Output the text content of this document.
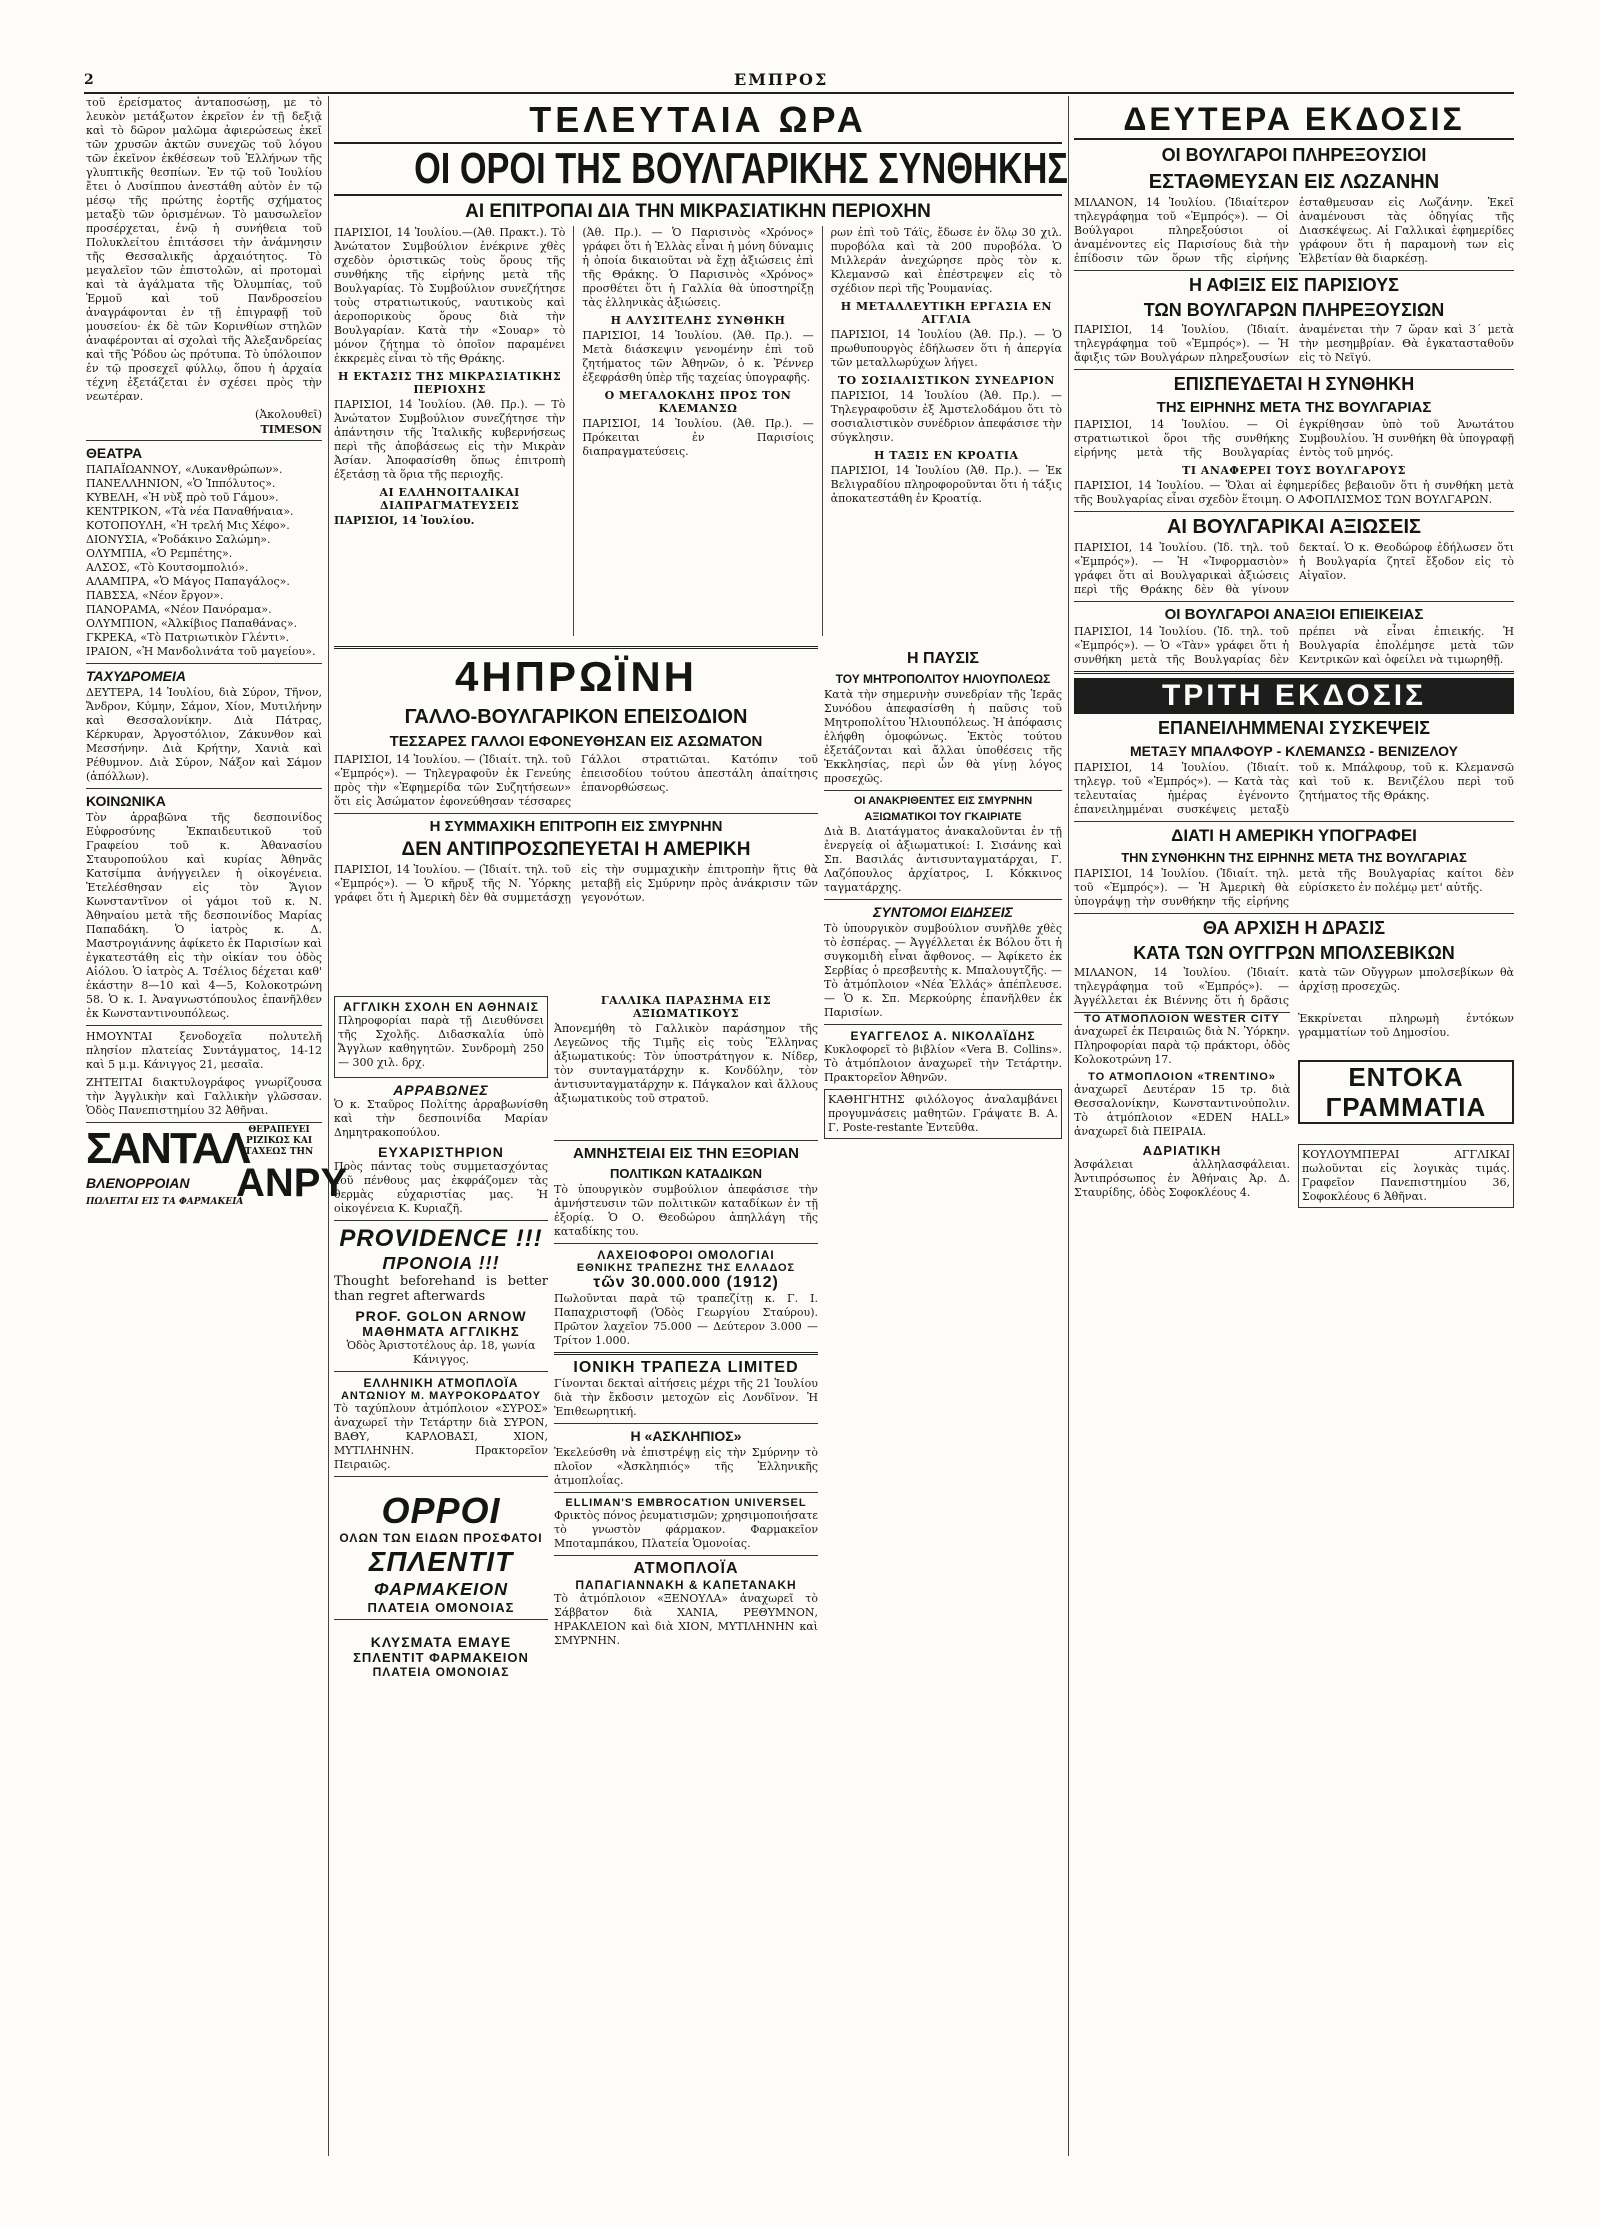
2	ΕΜΠΡΟΣ

τοῦ ἐρείσματος ἀνταποσώσῃ, με τὸ λευκὸν μετάξωτον ἐκρεῖον ἐν τῇ δεξιᾷ καὶ τὸ δῶρον μαλῶμα ἀφιερώσεως ἐκεῖ τῶν χρυσῶν ἀκτῶν συνεχῶς τοῦ λόγου τῶν ἐκεῖνον ἐκθέσεων τοῦ Ἑλλήνων τῆς γλυπτικῆς θεσπίων. Ἐν τῷ τοῦ Ἰουλίου ἔτει ὁ Λυσίππου ἀνεστάθη αὐτὸν ἐν τῷ μέσῳ τῆς πρώτης ἑορτῆς σχήματος μεταξὺ τῶν ὁρισμένων. Τὸ μαυσωλεῖον προσέρχεται, ἐνῷ ἡ συνήθεια τοῦ Πολυκλείτου ἐπιτάσσει τὴν ἀνάμνησιν τῆς Θεσσαλικῆς ἀρχαιότητος. Τὸ μεγαλεῖον τῶν ἐπιστολῶν, αἱ προτομαὶ καὶ τὰ ἀγάλματα τῆς Ὀλυμπίας, τοῦ Ἑρμοῦ καὶ τοῦ Πανδροσείου ἀναγράφονται ἐν τῇ ἐπιγραφῇ τοῦ μουσείου· ἐκ δὲ τῶν Κορινθίων στηλῶν ἀναφέρονται αἱ σχολαὶ τῆς Ἀλεξανδρείας καὶ τῆς Ῥόδου ὡς πρότυπα. Τὸ ὑπόλοιπον ἐν τῷ προσεχεῖ φύλλῳ, ὅπου ἡ ἀρχαία τέχνη ἐξετάζεται ἐν σχέσει πρὸς τὴν νεωτέραν.

(Ἀκολουθεῖ)

TIMESON

ΘΕΑΤΡΑ
ΠΑΠΑΪΩΑΝΝΟΥ, «Λυκανθρώπων».
ΠΑΝΕΛΛΗΝΙΟΝ, «Ὁ Ἱππόλυτος».
ΚΥΒΕΛΗ, «Ἡ νὺξ πρὸ τοῦ Γάμου».
ΚΕΝΤΡΙΚΟΝ, «Τὰ νέα Παναθήναια».
ΚΟΤΟΠΟΥΛΗ, «Ἡ τρελή Μις Χέφο».
ΔΙΟΝΥΣΙΑ, «Ῥοδάκινο Σαλώμη».
ΟΛΥΜΠΙΑ, «Ὁ Ρεμπέτης».
ΑΛΣΟΣ, «Τὸ Κουτσομπολιό».
ΑΛΑΜΠΡΑ, «Ὁ Μάγος Παπαγάλος».
ΠΑΒΣΣΑ, «Νέον ἔργον».
ΠΑΝΟΡΑΜΑ, «Νέον Πανόραμα».
ΟΛΥΜΠΙΟΝ, «Ἀλκίβιος Παπαθάνας».
ΓΚΡΕΚΑ, «Τὸ Πατριωτικὸν Γλέντι».
ΙΡΑΙΟΝ, «Ἡ Μανδολινάτα τοῦ μαγείου».
ΤΑΧΥΔΡΟΜΕΙΑ

ΔΕΥΤΕΡΑ, 14 Ἰουλίου, διὰ Σύρον, Τῆνον, Ἄνδρον, Κύμην, Σάμον, Χίον, Μυτιλήνην καὶ Θεσσαλονίκην. Διὰ Πάτρας, Κέρκυραν, Ἀργοστόλιον, Ζάκυνθον καὶ Μεσσήνην. Διὰ Κρήτην, Χανιὰ καὶ Ρέθυμνον. Διὰ Σύρον, Νάξον καὶ Σάμον (ἀπόλλων).

ΚΟΙΝΩΝΙΚΑ

Τὸν ἀρραβῶνα τῆς δεσποινίδος Εὐφροσύνης Ἐκπαιδευτικοῦ τοῦ Γραφείου τοῦ κ. Ἀθανασίου Σταυροπούλου καὶ κυρίας Ἀθηνᾶς Κατσίμπα ἀνήγγειλεν ἡ οἰκογένεια. Ἐτελέσθησαν εἰς τὸν Ἅγιον Κωνσταντῖνον οἱ γάμοι τοῦ κ. Ν. Ἀθηναίου μετὰ τῆς δεσποινίδος Μαρίας Παπαδάκη. Ὁ ἰατρὸς κ. Δ. Μαστρογιάννης ἀφίκετο ἐκ Παρισίων καὶ ἐγκατεστάθη εἰς τὴν οἰκίαν του ὁδὸς Αἰόλου. Ὁ ἰατρὸς Α. Τσέλιος δέχεται καθ' ἑκάστην 8—10 καὶ 4—5, Κολοκοτρώνη 58. Ὁ κ. Ι. Ἀναγνωστόπουλος ἐπανῆλθεν ἐκ Κωνσταντινουπόλεως.

ΗΜΟΥΝΤΑΙ ξενοδοχεῖα πολυτελῆ πλησίον πλατείας Συντάγματος, 14-12 καὶ 5 μ.μ. Κάνιγγος 21, μεσαῖα.

ΖΗΤΕΙΤΑΙ διακτυλογράφος γνωρίζουσα τὴν Ἀγγλικὴν καὶ Γαλλικὴν γλῶσσαν. Ὁδὸς Πανεπιστημίου 32 Ἀθῆναι.

ΣΑΝΤΑΛ ΘΕΡΑΠΕΥΕΙ
ΡΙΖΙΚΩΣ ΚΑΙ
ΤΑΧΕΩΣ ΤΗΝ
ΒΛΕΝΟΡΡΟΙΑΝ ΑΝΡΥ
ΠΩΛΕΙΤΑΙ ΕΙΣ ΤΑ ΦΑΡΜΑΚΕΙΑ
ΤΕΛΕΥΤΑΙΑ ΩΡΑ
ΟΙ ΟΡΟΙ ΤΗΣ ΒΟΥΛΓΑΡΙΚΗΣ ΣΥΝΘΗΚΗΣ
ΑΙ ΕΠΙΤΡΟΠΑΙ ΔΙΑ ΤΗΝ ΜΙΚΡΑΣΙΑΤΙΚΗΝ ΠΕΡΙΟΧΗΝ

ΠΑΡΙΣΙΟΙ, 14 Ἰουλίου.—(Ἀθ. Πρακτ.). Τὸ Ἀνώτατον Συμβούλιον ἐνέκρινε χθὲς σχεδὸν ὁριστικῶς τοὺς ὅρους τῆς συνθήκης τῆς εἰρήνης μετὰ τῆς Βουλγαρίας. Τὸ Συμβούλιον συνεζήτησε τοὺς στρατιωτικούς, ναυτικοὺς καὶ ἀεροπορικοὺς ὅρους διὰ τὴν Βουλγαρίαν. Κατὰ τὴν «Σουαρ» τὸ μόνον ζήτημα τὸ ὁποῖον παραμένει ἐκκρεμὲς εἶναι τὸ τῆς Θράκης.

Η ΕΚΤΑΣΙΣ ΤΗΣ ΜΙΚΡΑΣΙΑΤΙΚΗΣ ΠΕΡΙΟΧΗΣ

ΠΑΡΙΣΙΟΙ, 14 Ἰουλίου. (Ἀθ. Πρ.). — Τὸ Ἀνώτατον Συμβούλιον συνεζήτησε τὴν ἀπάντησιν τῆς Ἰταλικῆς κυβερνήσεως περὶ τῆς ἀποβάσεως εἰς τὴν Μικρὰν Ἀσίαν. Ἀποφασίσθη ὅπως ἐπιτροπὴ ἐξετάσῃ τὰ ὅρια τῆς περιοχῆς.

ΑΙ ΕΛΛΗΝΟΙΤΑΛΙΚΑΙ ΔΙΑΠΡΑΓΜΑΤΕΥΣΕΙΣ

ΠΑΡΙΣΙΟΙ, 14 Ἰουλίου.

(Ἀθ. Πρ.). — Ὁ Παρισινὸς «Χρόνος» γράφει ὅτι ἡ Ἑλλὰς εἶναι ἡ μόνη δύναμις ἡ ὁποία δικαιοῦται νὰ ἔχῃ ἀξιώσεις ἐπὶ τῆς Θράκης. Ὁ Παρισινὸς «Χρόνος» προσθέτει ὅτι ἡ Γαλλία θὰ ὑποστηρίξῃ τὰς ἑλληνικὰς ἀξιώσεις.

Η ΑΛΥΣΙΤΕΛΗΣ ΣΥΝΘΗΚΗ

ΠΑΡΙΣΙΟΙ, 14 Ἰουλίου. (Ἀθ. Πρ.). — Μετὰ διάσκεψιν γενομένην ἐπὶ τοῦ ζητήματος τῶν Ἀθηνῶν, ὁ κ. Ῥέννερ ἐξεφράσθη ὑπὲρ τῆς ταχείας ὑπογραφῆς.

Ο ΜΕΓΑΛΟΚΛΗΣ ΠΡΟΣ ΤΟΝ ΚΛΕΜΑΝΣΩ

ΠΑΡΙΣΙΟΙ, 14 Ἰουλίου. (Ἀθ. Πρ.). — Πρόκειται ἐν Παρισίοις διαπραγματεύσεις.

ρων ἐπὶ τοῦ Τάϊς, ἔδωσε ἐν ὅλῳ 30 χιλ. πυροβόλα καὶ τὰ 200 πυροβόλα. Ὁ Μιλλεράν ἀνεχώρησε πρὸς τὸν κ. Κλεμανσῶ καὶ ἐπέστρεψεν εἰς τὸ σχέδιον περὶ τῆς Ῥουμανίας.

Η ΜΕΤΑΛΛΕΥΤΙΚΗ ΕΡΓΑΣΙΑ ΕΝ ΑΓΓΛΙΑ

ΠΑΡΙΣΙΟΙ, 14 Ἰουλίου (Ἀθ. Πρ.). — Ὁ πρωθυπουργὸς ἐδήλωσεν ὅτι ἡ ἀπεργία τῶν μεταλλωρύχων λήγει.

ΤΟ ΣΟΣΙΑΛΙΣΤΙΚΟΝ ΣΥΝΕΔΡΙΟΝ

ΠΑΡΙΣΙΟΙ, 14 Ἰουλίου (Ἀθ. Πρ.). — Τηλεγραφοῦσιν ἐξ Ἀμστελοδάμου ὅτι τὸ σοσιαλιστικὸν συνέδριον ἀπεφάσισε τὴν σύγκλησιν.

Η ΤΑΞΙΣ ΕΝ ΚΡΟΑΤΙΑ

ΠΑΡΙΣΙΟΙ, 14 Ἰουλίου (Ἀθ. Πρ.). — Ἐκ Βελιγραδίου πληροφοροῦνται ὅτι ἡ τάξις ἀποκατεστάθη ἐν Κροατίᾳ.

4ΗΠΡΩΪΝΗ
ΓΑΛΛΟ-ΒΟΥΛΓΑΡΙΚΟΝ ΕΠΕΙΣΟΔΙΟΝ
ΤΕΣΣΑΡΕΣ ΓΑΛΛΟΙ ΕΦΟΝΕΥΘΗΣΑΝ ΕΙΣ ΑΣΩΜΑΤΟΝ

ΠΑΡΙΣΙΟΙ, 14 Ἰουλίου. — (Ἰδιαίτ. τηλ. τοῦ «Ἐμπρός»). — Τηλεγραφοῦν ἐκ Γενεύης πρὸς τὴν «Ἐφημερίδα τῶν Συζητήσεων» ὅτι εἰς Ἀσώματον ἐφονεύθησαν τέσσαρες Γάλλοι στρατιῶται. Κατόπιν τοῦ ἐπεισοδίου τούτου ἀπεστάλη ἀπαίτησις ἐπανορθώσεως.

Η ΣΥΜΜΑΧΙΚΗ ΕΠΙΤΡΟΠΗ ΕΙΣ ΣΜΥΡΝΗΝ
ΔΕΝ ΑΝΤΙΠΡΟΣΩΠΕΥΕΤΑΙ Η ΑΜΕΡΙΚΗ

ΠΑΡΙΣΙΟΙ, 14 Ἰουλίου. — (Ἰδιαίτ. τηλ. τοῦ «Ἐμπρός»). — Ὁ κῆρυξ τῆς Ν. Ὑόρκης γράφει ὅτι ἡ Ἀμερικὴ δὲν θὰ συμμετάσχῃ εἰς τὴν συμμαχικὴν ἐπιτροπὴν ἥτις θὰ μεταβῇ εἰς Σμύρνην πρὸς ἀνάκρισιν τῶν γεγονότων.

ΓΑΛΛΙΚΑ ΠΑΡΑΣΗΜΑ ΕΙΣ ΑΞΙΩΜΑΤΙΚΟΥΣ

Ἀπονεμήθη τὸ Γαλλικὸν παράσημον τῆς Λεγεῶνος τῆς Τιμῆς εἰς τοὺς Ἕλληνας ἀξιωματικούς: Τὸν ὑποστράτηγον κ. Νίδερ, τὸν συνταγματάρχην κ. Κονδύλην, τὸν ἀντισυνταγματάρχην κ. Πάγκαλον καὶ ἄλλους ἀξιωματικοὺς τοῦ στρατοῦ.

ΑΓΓΛΙΚΗ ΣΧΟΛΗ ΕΝ ΑΘΗΝΑΙΣ

Πληροφορίαι παρὰ τῇ Διευθύνσει τῆς Σχολῆς. Διδασκαλία ὑπὸ Ἄγγλων καθηγητῶν. Συνδρομὴ 250 — 300 χιλ. δρχ.

ΑΡΡΑΒΩΝΕΣ

Ὁ κ. Σταῦρος Πολίτης ἀρραβωνίσθη καὶ τὴν δεσποινίδα Μαρίαν Δημητρακοπούλου.

ΕΥΧΑΡΙΣΤΗΡΙΟΝ

Πρὸς πάντας τοὺς συμμετασχόντας τοῦ πένθους μας ἐκφράζομεν τὰς θερμὰς εὐχαριστίας μας. Ἡ οἰκογένεια Κ. Κυριαζῆ.

PROVIDENCE !!!
ΠΡΟΝΟΙΑ !!!

Thought beforehand is better than regret afterwards

PROF. GOLON ARNOW
ΜΑΘΗΜΑΤΑ ΑΓΓΛΙΚΗΣ

Ὁδὸς Ἀριστοτέλους ἀρ. 18, γωνία Κάνιγγος.

ΕΛΛΗΝΙΚΗ ΑΤΜΟΠΛΟΪΑ
ΑΝΤΩΝΙΟΥ Μ. ΜΑΥΡΟΚΟΡΔΑΤΟΥ

Τὸ ταχύπλουν ἀτμόπλοιον «ΣΥΡΟΣ» ἀναχωρεῖ τὴν Τετάρτην διὰ ΣΥΡΟΝ, ΒΑΘΥ, ΚΑΡΛΟΒΑΣΙ, ΧΙΟΝ, ΜΥΤΙΛΗΝΗΝ. Πρακτορεῖον Πειραιῶς.

ΟΡΡΟΙ
ΟΛΩΝ ΤΩΝ ΕΙΔΩΝ ΠΡΟΣΦΑΤΟΙ
ΣΠΛΕΝΤΙΤ
ΦΑΡΜΑΚΕΙΟΝ
ΠΛΑΤΕΙΑ ΟΜΟΝΟΙΑΣ
ΚΛΥΣΜΑΤΑ ΕΜΑΥΕ
ΣΠΛΕΝΤΙΤ ΦΑΡΜΑΚΕΙΟΝ
ΠΛΑΤΕΙΑ ΟΜΟΝΟΙΑΣ
ΑΜΝΗΣΤΕΙΑΙ ΕΙΣ ΤΗΝ ΕΞΟΡΙΑΝ
ΠΟΛΙΤΙΚΩΝ ΚΑΤΑΔΙΚΩΝ

Τὸ ὑπουργικὸν συμβούλιον ἀπεφάσισε τὴν ἀμνήστευσιν τῶν πολιτικῶν καταδίκων ἐν τῇ ἐξορίᾳ. Ὁ Ο. Θεοδώρου ἀπηλλάγη τῆς καταδίκης του.

ΛΑΧΕΙΟΦΟΡΟΙ ΟΜΟΛΟΓΙΑΙ
ΕΘΝΙΚΗΣ ΤΡΑΠΕΖΗΣ ΤΗΣ ΕΛΛΑΔΟΣ
τῶν 30.000.000 (1912)

Πωλοῦνται παρὰ τῷ τραπεζίτῃ κ. Γ. Ι. Παπαχριστοφῆ (Ὁδὸς Γεωργίου Σταύρου). Πρῶτον λαχεῖον 75.000 — Δεύτερον 3.000 — Τρίτον 1.000.

ΙΟΝΙΚΗ ΤΡΑΠΕΖΑ LIMITED

Γίνονται δεκταὶ αἰτήσεις μέχρι τῆς 21 Ἰουλίου διὰ τὴν ἔκδοσιν μετοχῶν εἰς Λονδῖνον. Ἡ Ἐπιθεωρητική.

Η «ΑΣΚΛΗΠΙΟΣ»

Ἐκελεύσθη νὰ ἐπιστρέψῃ εἰς τὴν Σμύρνην τὸ πλοῖον «Ἀσκληπιός» τῆς Ἑλληνικῆς ἀτμοπλοΐας.

ELLIMAN'S EMBROCATION UNIVERSEL

Φρικτὸς πόνος ῥευματισμῶν; χρησιμοποιήσατε τὸ γνωστὸν φάρμακον. Φαρμακεῖον Μποταμπάκου, Πλατεία Ὁμονοίας.

ΑΤΜΟΠΛΟΪΑ
ΠΑΠΑΓΙΑΝΝΑΚΗ & ΚΑΠΕΤΑΝΑΚΗ

Τὸ ἀτμόπλοιον «ΞΕΝΟΥΛΑ» ἀναχωρεῖ τὸ Σάββατον διὰ ΧΑΝΙΑ, ΡΕΘΥΜΝΟΝ, ΗΡΑΚΛΕΙΟΝ καὶ διὰ ΧΙΟΝ, ΜΥΤΙΛΗΝΗΝ καὶ ΣΜΥΡΝΗΝ.

Η ΠΑΥΣΙΣ
ΤΟΥ ΜΗΤΡΟΠΟΛΙΤΟΥ ΗΛΙΟΥΠΟΛΕΩΣ

Κατὰ τὴν σημερινὴν συνεδρίαν τῆς Ἱερᾶς Συνόδου ἀπεφασίσθη ἡ παῦσις τοῦ Μητροπολίτου Ἡλιουπόλεως. Ἡ ἀπόφασις ἐλήφθη ὁμοφώνως. Ἐκτὸς τούτου ἐξετάζονται καὶ ἄλλαι ὑποθέσεις τῆς Ἐκκλησίας, περὶ ὧν θὰ γίνῃ λόγος προσεχῶς.

ΟΙ ΑΝΑΚΡΙΘΕΝΤΕΣ ΕΙΣ ΣΜΥΡΝΗΝ
ΑΞΙΩΜΑΤΙΚΟΙ ΤΟΥ ΓΚΑΙΡΙΑΤΕ

Διὰ Β. Διατάγματος ἀνακαλοῦνται ἐν τῇ ἐνεργείᾳ οἱ ἀξιωματικοί: Ι. Σισάνης καὶ Σπ. Βασιλάς ἀντισυνταγματάρχαι, Γ. Λαζόπουλος ἀρχίατρος, Ι. Κόκκινος ταγματάρχης.

ΣΥΝΤΟΜΟΙ ΕΙΔΗΣΕΙΣ

Τὸ ὑπουργικὸν συμβούλιον συνῆλθε χθὲς τὸ ἑσπέρας. — Ἀγγέλλεται ἐκ Βόλου ὅτι ἡ συγκομιδὴ εἶναι ἄφθονος. — Ἀφίκετο ἐκ Σερβίας ὁ πρεσβευτὴς κ. Μπαλουγτζῆς. — Τὸ ἀτμόπλοιον «Νέα Ἑλλάς» ἀπέπλευσε. — Ὁ κ. Σπ. Μερκούρης ἐπανῆλθεν ἐκ Παρισίων.

ΕΥΑΓΓΕΛΟΣ Α. ΝΙΚΟΛΑΪΔΗΣ

Κυκλοφορεῖ τὸ βιβλίον «Vera B. Collins». Τὸ ἀτμόπλοιον ἀναχωρεῖ τὴν Τετάρτην. Πρακτορεῖον Ἀθηνῶν.

ΚΑΘΗΓΗΤΗΣ φιλόλογος ἀναλαμβάνει προγυμνάσεις μαθητῶν. Γράψατε Β. Α. Γ. Poste-restante Ἐντεῦθα.

ΔΕΥΤΕΡΑ ΕΚΔΟΣΙΣ
ΟΙ ΒΟΥΛΓΑΡΟΙ ΠΛΗΡΕΞΟΥΣΙΟΙ
ΕΣΤΑΘΜΕΥΣΑΝ ΕΙΣ ΛΩΖΑΝΗΝ

ΜΙΛΑΝΟΝ, 14 Ἰουλίου. (Ἰδιαίτερον τηλεγράφημα τοῦ «Ἐμπρός»). — Οἱ Βούλγαροι πληρεξούσιοι οἱ ἀναμένοντες εἰς Παρισίους διὰ τὴν ἐπίδοσιν τῶν ὅρων τῆς εἰρήνης ἐσταθμευσαν εἰς Λωζάνην. Ἐκεῖ ἀναμένουσι τὰς ὁδηγίας τῆς Διασκέψεως. Αἱ Γαλλικαὶ ἐφημερίδες γράφουν ὅτι ἡ παραμονὴ των εἰς Ἑλβετίαν θὰ διαρκέσῃ.

Η ΑΦΙΞΙΣ ΕΙΣ ΠΑΡΙΣΙΟΥΣ
ΤΩΝ ΒΟΥΛΓΑΡΩΝ ΠΛΗΡΕΞΟΥΣΙΩΝ

ΠΑΡΙΣΙΟΙ, 14 Ἰουλίου. (Ἰδιαίτ. τηλεγράφημα τοῦ «Ἐμπρός»). — Ἡ ἄφιξις τῶν Βουλγάρων πληρεξουσίων ἀναμένεται τὴν 7 ὥραν καὶ 3΄ μετὰ τὴν μεσημβρίαν. Θὰ ἐγκατασταθοῦν εἰς τὸ Νεϊγύ.

ΕΠΙΣΠΕΥΔΕΤΑΙ Η ΣΥΝΘΗΚΗ
ΤΗΣ ΕΙΡΗΝΗΣ ΜΕΤΑ ΤΗΣ ΒΟΥΛΓΑΡΙΑΣ

ΠΑΡΙΣΙΟΙ, 14 Ἰουλίου. — Οἱ στρατιωτικοὶ ὅροι τῆς συνθήκης εἰρήνης μετὰ τῆς Βουλγαρίας ἐγκρίθησαν ὑπὸ τοῦ Ἀνωτάτου Συμβουλίου. Ἡ συνθήκη θὰ ὑπογραφῇ ἐντὸς τοῦ μηνός.

ΤΙ ΑΝΑΦΕΡΕΙ ΤΟΥΣ ΒΟΥΛΓΑΡΟΥΣ

ΠΑΡΙΣΙΟΙ, 14 Ἰουλίου. — Ὅλαι αἱ ἐφημερίδες βεβαιοῦν ὅτι ἡ συνθήκη μετὰ τῆς Βουλγαρίας εἶναι σχεδὸν ἕτοιμη. Ο ΑΦΟΠΛΙΣΜΟΣ ΤΩΝ ΒΟΥΛΓΑΡΩΝ.

ΑΙ ΒΟΥΛΓΑΡΙΚΑΙ ΑΞΙΩΣΕΙΣ

ΠΑΡΙΣΙΟΙ, 14 Ἰουλίου. (Ἰδ. τηλ. τοῦ «Ἐμπρός»). — Ἡ «Ἰνφορμασιὸν» γράφει ὅτι αἱ Βουλγαρικαὶ ἀξιώσεις περὶ τῆς Θράκης δὲν θὰ γίνουν δεκταί. Ὁ κ. Θεοδώροφ ἐδήλωσεν ὅτι ἡ Βουλγαρία ζητεῖ ἔξοδον εἰς τὸ Αἰγαῖον.

ΟΙ ΒΟΥΛΓΑΡΟΙ ΑΝΑΞΙΟΙ ΕΠΙΕΙΚΕΙΑΣ

ΠΑΡΙΣΙΟΙ, 14 Ἰουλίου. (Ἰδ. τηλ. τοῦ «Ἐμπρός»). — Ὁ «Τὰν» γράφει ὅτι ἡ συνθήκη μετὰ τῆς Βουλγαρίας δὲν πρέπει νὰ εἶναι ἐπιεικής. Ἡ Βουλγαρία ἐπολέμησε μετὰ τῶν Κεντρικῶν καὶ ὀφείλει νὰ τιμωρηθῇ.

ΤΡΙΤΗ ΕΚΔΟΣΙΣ
ΕΠΑΝΕΙΛΗΜΜΕΝΑΙ ΣΥΣΚΕΨΕΙΣ
ΜΕΤΑΞΥ ΜΠΑΛΦΟΥΡ - ΚΛΕΜΑΝΣΩ - ΒΕΝΙΖΕΛΟΥ

ΠΑΡΙΣΙΟΙ, 14 Ἰουλίου. (Ἰδιαίτ. τηλεγρ. τοῦ «Ἐμπρός»). — Κατὰ τὰς τελευταίας ἡμέρας ἐγένοντο ἐπανειλημμέναι συσκέψεις μεταξὺ τοῦ κ. Μπάλφουρ, τοῦ κ. Κλεμανσῶ καὶ τοῦ κ. Βενιζέλου περὶ τοῦ ζητήματος τῆς Θράκης.

ΔΙΑΤΙ Η ΑΜΕΡΙΚΗ ΥΠΟΓΡΑΦΕΙ
ΤΗΝ ΣΥΝΘΗΚΗΝ ΤΗΣ ΕΙΡΗΝΗΣ ΜΕΤΑ ΤΗΣ ΒΟΥΛΓΑΡΙΑΣ

ΠΑΡΙΣΙΟΙ, 14 Ἰουλίου. (Ἰδιαίτ. τηλ. τοῦ «Ἐμπρός»). — Ἡ Ἀμερικὴ θὰ ὑπογράψῃ τὴν συνθήκην τῆς εἰρήνης μετὰ τῆς Βουλγαρίας καίτοι δὲν εὑρίσκετο ἐν πολέμῳ μετ' αὐτῆς.

ΘΑ ΑΡΧΙΣΗ Η ΔΡΑΣΙΣ
ΚΑΤΑ ΤΩΝ ΟΥΓΓΡΩΝ ΜΠΟΛΣΕΒΙΚΩΝ

ΜΙΛΑΝΟΝ, 14 Ἰουλίου. (Ἰδιαίτ. τηλεγράφημα τοῦ «Ἐμπρός»). — Ἀγγέλλεται ἐκ Βιέννης ὅτι ἡ δρᾶσις κατὰ τῶν Οὔγγρων μπολσεβίκων θὰ ἀρχίσῃ προσεχῶς.

ΤΟ ΑΤΜΟΠΛΟΙΟΝ WESTER CITY

ἀναχωρεῖ ἐκ Πειραιῶς διὰ Ν. Ὑόρκην. Πληροφορίαι παρὰ τῷ πράκτορι, ὁδὸς Κολοκοτρώνη 17.

ΤΟ ΑΤΜΟΠΛΟΙΟΝ «TRENTINO»

ἀναχωρεῖ Δευτέραν 15 τρ. διὰ Θεσσαλονίκην, Κωνσταντινούπολιν. Τὸ ἀτμόπλοιον «EDEN HALL» ἀναχωρεῖ διὰ ΠΕΙΡΑΙΑ.

ΑΔΡΙΑΤΙΚΗ

Ἀσφάλειαι ἀλληλασφάλειαι. Ἀντιπρόσωπος ἐν Ἀθήναις Ἀρ. Δ. Σταυρίδης, ὁδὸς Σοφοκλέους 4.

Ἐκκρίνεται πληρωμὴ ἐντόκων γραμματίων τοῦ Δημοσίου.

ΕΝΤΟΚΑ ΓΡΑΜΜΑΤΙΑ

ΚΟΥΛΟΥΜΠΕΡΑΙ ΑΓΓΛΙΚΑΙ πωλοῦνται εἰς λογικὰς τιμάς. Γραφεῖον Πανεπιστημίου 36, Σοφοκλέους 6 Ἀθῆναι.
